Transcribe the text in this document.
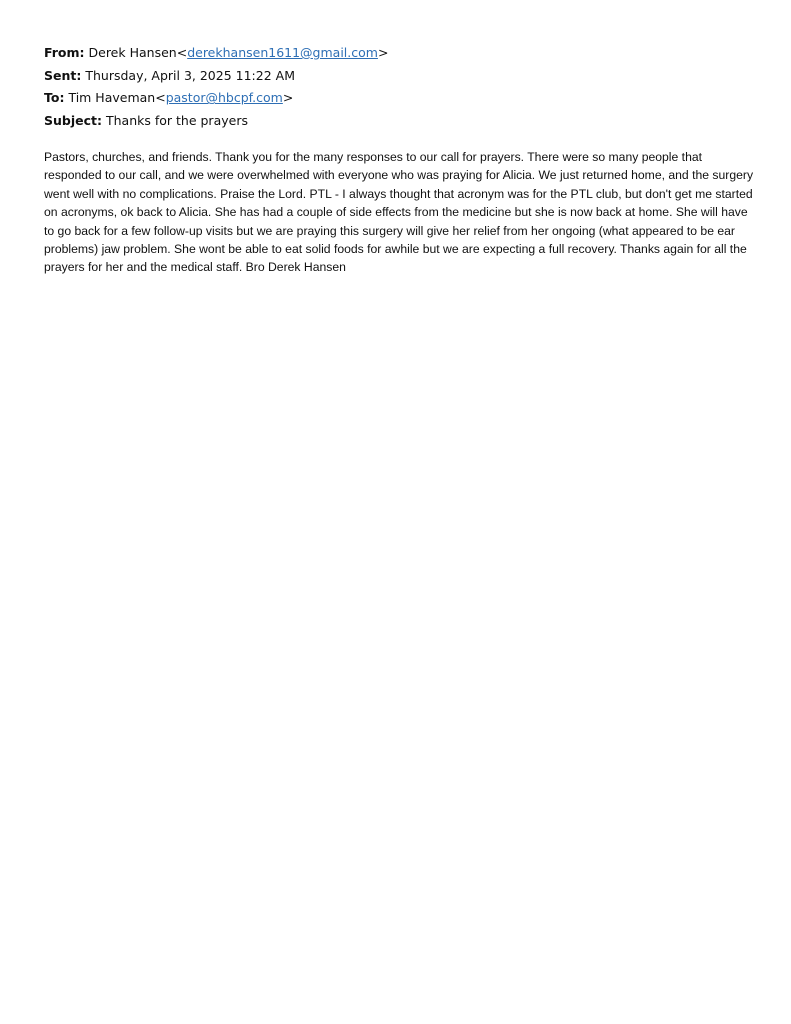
From: Derek Hansen<derekhansen1611@gmail.com>
Sent: Thursday, April 3, 2025 11:22 AM
To: Tim Haveman<pastor@hbcpf.com>
Subject: Thanks for the prayers

Pastors, churches, and friends. Thank you for the many responses to our call for prayers. There were so many people that responded to our call, and we were overwhelmed with everyone who was praying for Alicia. We just returned home, and the surgery went well with no complications. Praise the Lord. PTL - I always thought that acronym was for the PTL club, but don't get me started on acronyms, ok back to Alicia. She has had a couple of side effects from the medicine but she is now back at home. She will have to go back for a few follow-up visits but we are praying this surgery will give her relief from her ongoing (what appeared to be ear problems) jaw problem. She wont be able to eat solid foods for awhile but we are expecting a full recovery. Thanks again for all the prayers for her and the medical staff. Bro Derek Hansen
